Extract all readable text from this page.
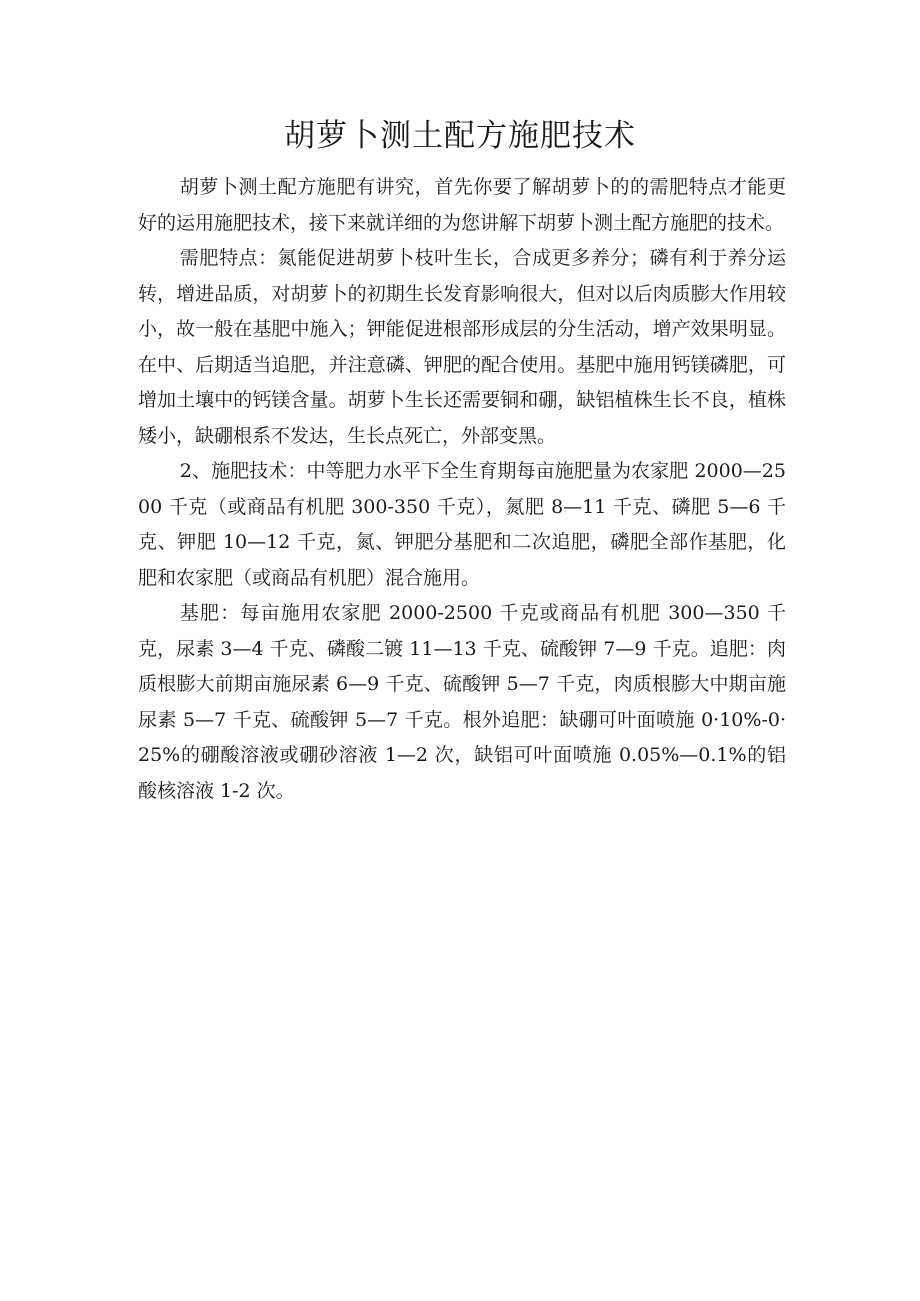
胡萝卜测土配方施肥技术

胡萝卜测土配方施肥有讲究，首先你要了解胡萝卜的的需肥特点才能更好的运用施肥技术，接下来就详细的为您讲解下胡萝卜测土配方施肥的技术。

需肥特点：氮能促进胡萝卜枝叶生长，合成更多养分；磷有利于养分运转，增进品质，对胡萝卜的初期生长发育影响很大，但对以后肉质膨大作用较小，故一般在基肥中施入；钾能促进根部形成层的分生活动，增产效果明显。在中、后期适当追肥，并注意磷、钾肥的配合使用。基肥中施用钙镁磷肥，可增加土壤中的钙镁含量。胡萝卜生长还需要铜和硼，缺铝植株生长不良，植株矮小，缺硼根系不发达，生长点死亡，外部变黑。

2、施肥技术：中等肥力水平下全生育期每亩施肥量为农家肥 2000—2500 千克（或商品有机肥 300-350 千克），氮肥 8—11 千克、磷肥 5—6 千克、钾肥 10—12 千克，氮、钾肥分基肥和二次追肥，磷肥全部作基肥，化肥和农家肥（或商品有机肥）混合施用。

基肥：每亩施用农家肥 2000-2500 千克或商品有机肥 300—350 千克，尿素 3—4 千克、磷酸二镀 11—13 千克、硫酸钾 7—9 千克。追肥：肉质根膨大前期亩施尿素 6—9 千克、硫酸钾 5—7 千克，肉质根膨大中期亩施尿素 5—7 千克、硫酸钾 5—7 千克。根外追肥：缺硼可叶面喷施 0·10%-0·25%的硼酸溶液或硼砂溶液 1—2 次，缺铝可叶面喷施 0.05%—0.1%的铝酸核溶液 1-2 次。
